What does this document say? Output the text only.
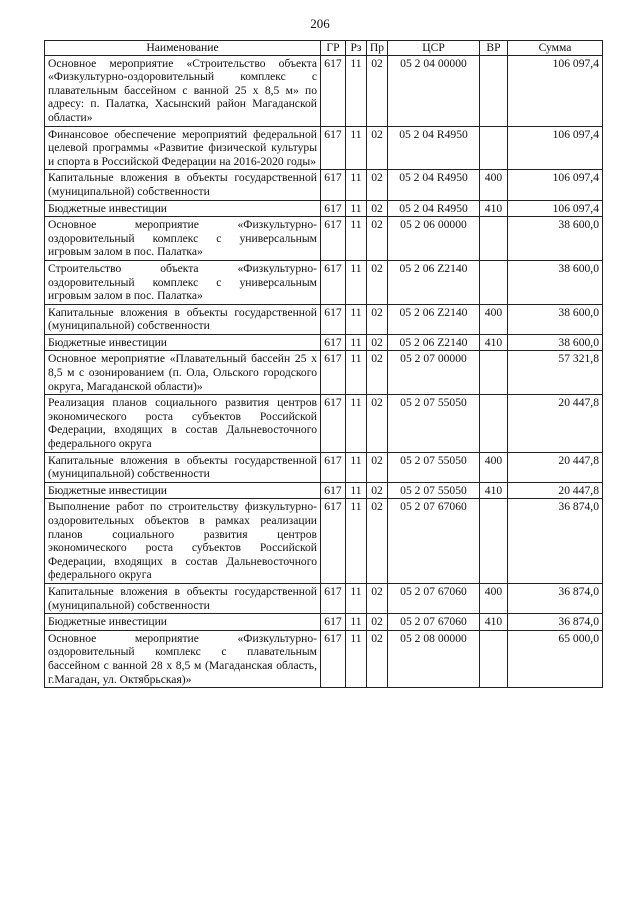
206
Наименование	ГР	Рз	Пр	ЦСР	ВР	Сумма
Основное мероприятие «Строительство объекта «Физкультурно-оздоровительный комплекс с плавательным бассейном с ванной 25 x 8,5 м» по адресу: п. Палатка, Хасынский район Магаданской области»	617	11	02	05 2 04 00000		106 097,4
Финансовое обеспечение мероприятий федеральной целевой программы «Развитие физической культуры и спорта в Российской Федерации на 2016-2020 годы»	617	11	02	05 2 04 R4950		106 097,4
Капитальные вложения в объекты государственной (муниципальной) собственности	617	11	02	05 2 04 R4950	400	106 097,4
Бюджетные инвестиции	617	11	02	05 2 04 R4950	410	106 097,4
Основное мероприятие «Физкультурно-оздоровительный комплекс с универсальным игровым залом в пос. Палатка»	617	11	02	05 2 06 00000		38 600,0
Строительство объекта «Физкультурно-оздоровительный комплекс с универсальным игровым залом в пос. Палатка»	617	11	02	05 2 06 Z2140		38 600,0
Капитальные вложения в объекты государственной (муниципальной) собственности	617	11	02	05 2 06 Z2140	400	38 600,0
Бюджетные инвестиции	617	11	02	05 2 06 Z2140	410	38 600,0
Основное мероприятие «Плавательный бассейн 25 x 8,5 м с озонированием (п. Ола, Ольского городского округа, Магаданской области)»	617	11	02	05 2 07 00000		57 321,8
Реализация планов социального развития центров экономического роста субъектов Российской Федерации, входящих в состав Дальневосточного федерального округа	617	11	02	05 2 07 55050		20 447,8
Капитальные вложения в объекты государственной (муниципальной) собственности	617	11	02	05 2 07 55050	400	20 447,8
Бюджетные инвестиции	617	11	02	05 2 07 55050	410	20 447,8
Выполнение работ по строительству физкультурно-оздоровительных объектов в рамках реализации планов социального развития центров экономического роста субъектов Российской Федерации, входящих в состав Дальневосточного федерального округа	617	11	02	05 2 07 67060		36 874,0
Капитальные вложения в объекты государственной (муниципальной) собственности	617	11	02	05 2 07 67060	400	36 874,0
Бюджетные инвестиции	617	11	02	05 2 07 67060	410	36 874,0
Основное мероприятие «Физкультурно-оздоровительный комплекс с плавательным бассейном с ванной 28 x 8,5 м (Магаданская область, г.Магадан, ул. Октябрьская)»	617	11	02	05 2 08 00000		65 000,0
